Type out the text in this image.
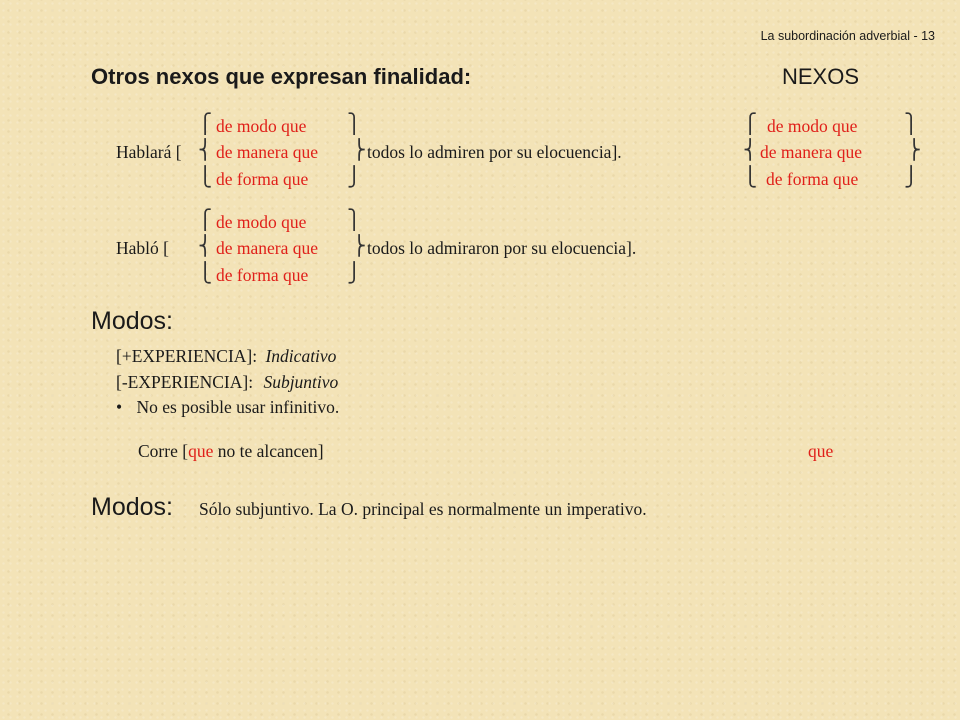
La subordinación adverbial - 13
Otros nexos que expresan finalidad:	NEXOS
⎧ de modo que ⎫
Hablará [ ⎨ de manera que ⎬ todos lo admiren por su elocuencia].
⎩ de forma que ⎭
⎧ de modo que ⎫
⎨ de manera que ⎬
⎩ de forma que ⎭
⎧ de modo que ⎫
Habló [ ⎨ de manera que ⎬ todos lo admiraron por su elocuencia].
⎩ de forma que ⎭
Modos:
[+EXPERIENCIA]: Indicativo
[-EXPERIENCIA]: Subjuntivo
• No es posible usar infinitivo.
Corre [que no te alcancen]	que
Modos: Sólo subjuntivo. La O. principal es normalmente un imperativo.
